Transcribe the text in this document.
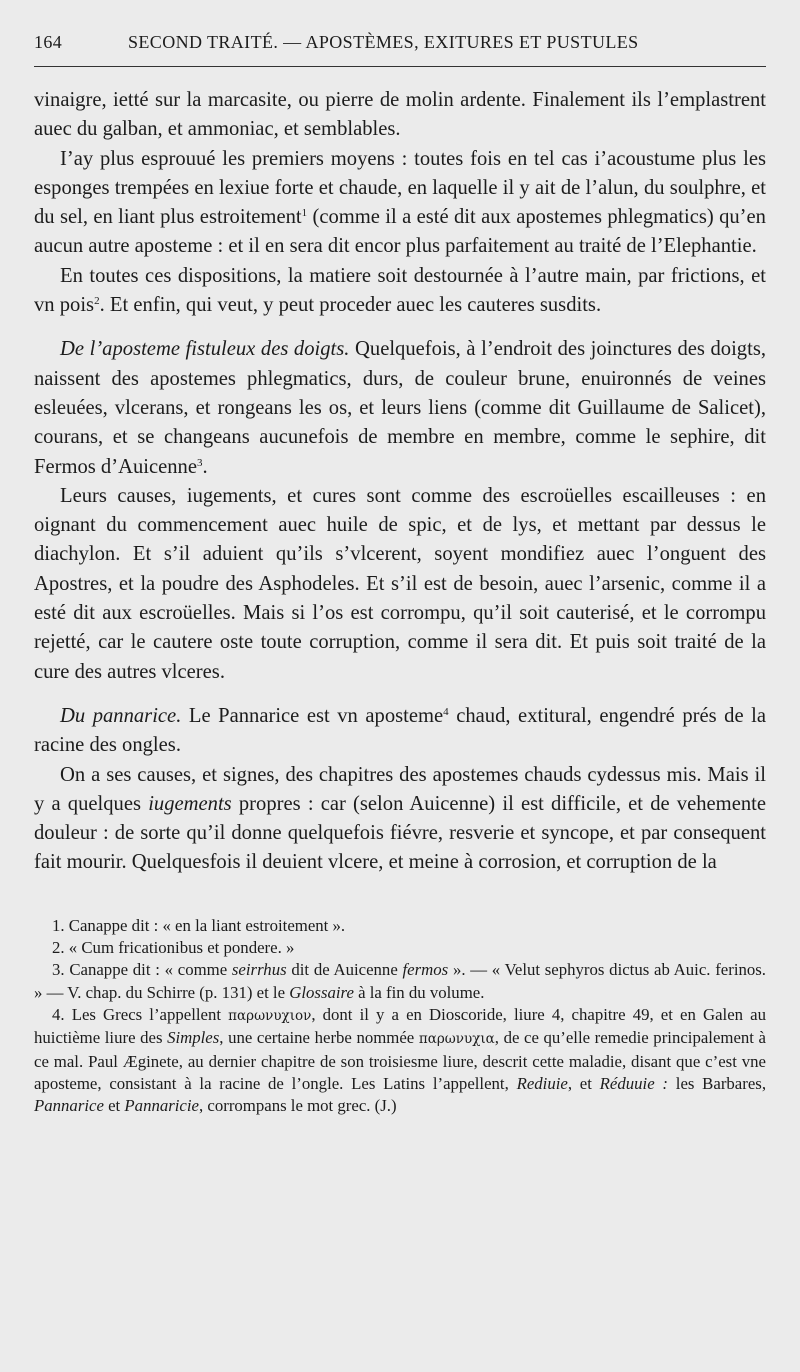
164	SECOND TRAITÉ. — APOSTÈMES, EXITURES ET PUSTULES

vinaigre, ietté sur la marcasite, ou pierre de molin ardente. Finalement ils l’emplastrent auec du galban, et ammoniac, et semblables.

I’ay plus esprouué les premiers moyens : toutes fois en tel cas i’acoustume plus les esponges trempées en lexiue forte et chaude, en laquelle il y ait de l’alun, du soulphre, et du sel, en liant plus estroitement$^1$ (comme il a esté dit aux apostemes phlegmatics) qu’en aucun autre aposteme : et il en sera dit encor plus parfaitement au traité de l’Elephantie.

En toutes ces dispositions, la matiere soit destournée à l’autre main, par frictions, et vn pois$^2$. Et enfin, qui veut, y peut proceder auec les cauteres susdits.

De l’aposteme fistuleux des doigts. Quelquefois, à l’endroit des joinctures des doigts, naissent des apostemes phlegmatics, durs, de couleur brune, enuironnés de veines esleuées, vlcerans, et rongeans les os, et leurs liens (comme dit Guillaume de Salicet), courans, et se changeans aucunefois de membre en membre, comme le sephire, dit Fermos d’Auicenne$^3$.

Leurs causes, iugements, et cures sont comme des escroüelles escailleuses : en oignant du commencement auec huile de spic, et de lys, et mettant par dessus le diachylon. Et s’il aduient qu’ils s’vlcerent, soyent mondifiez auec l’onguent des Apostres, et la poudre des Asphodeles. Et s’il est de besoin, auec l’arsenic, comme il a esté dit aux escroüelles. Mais si l’os est corrompu, qu’il soit cauterisé, et le corrompu rejetté, car le cautere oste toute corruption, comme il sera dit. Et puis soit traité de la cure des autres vlceres.

Du pannarice. Le Pannarice est vn aposteme$^4$ chaud, extitural, engendré prés de la racine des ongles.

On a ses causes, et signes, des chapitres des apostemes chauds cydessus mis. Mais il y a quelques iugements propres : car (selon Auicenne) il est difficile, et de vehemente douleur : de sorte qu’il donne quelquefois fiévre, resverie et syncope, et par consequent fait mourir. Quelquesfois il deuient vlcere, et meine à corrosion, et corruption de la

1. Canappe dit : « en la liant estroitement ».

2. « Cum fricationibus et pondere. »

3. Canappe dit : « comme seirrhus dit de Auicenne fermos ». — « Velut sephyros dictus ab Auic. ferinos. » — V. chap. du Schirre (p. 131) et le Glossaire à la fin du volume.

4. Les Grecs l’appellent παρωνυχιον, dont il y a en Dioscoride, liure 4, chapitre 49, et en Galen au huictième liure des Simples, une certaine herbe nommée παρωνυχια, de ce qu’elle remedie principalement à ce mal. Paul Æginete, au dernier chapitre de son troisiesme liure, descrit cette maladie, disant que c’est vne aposteme, consistant à la racine de l’ongle. Les Latins l’appellent, Rediuie, et Réduuie : les Barbares, Pannarice et Pannaricie, corrompans le mot grec. (J.)
